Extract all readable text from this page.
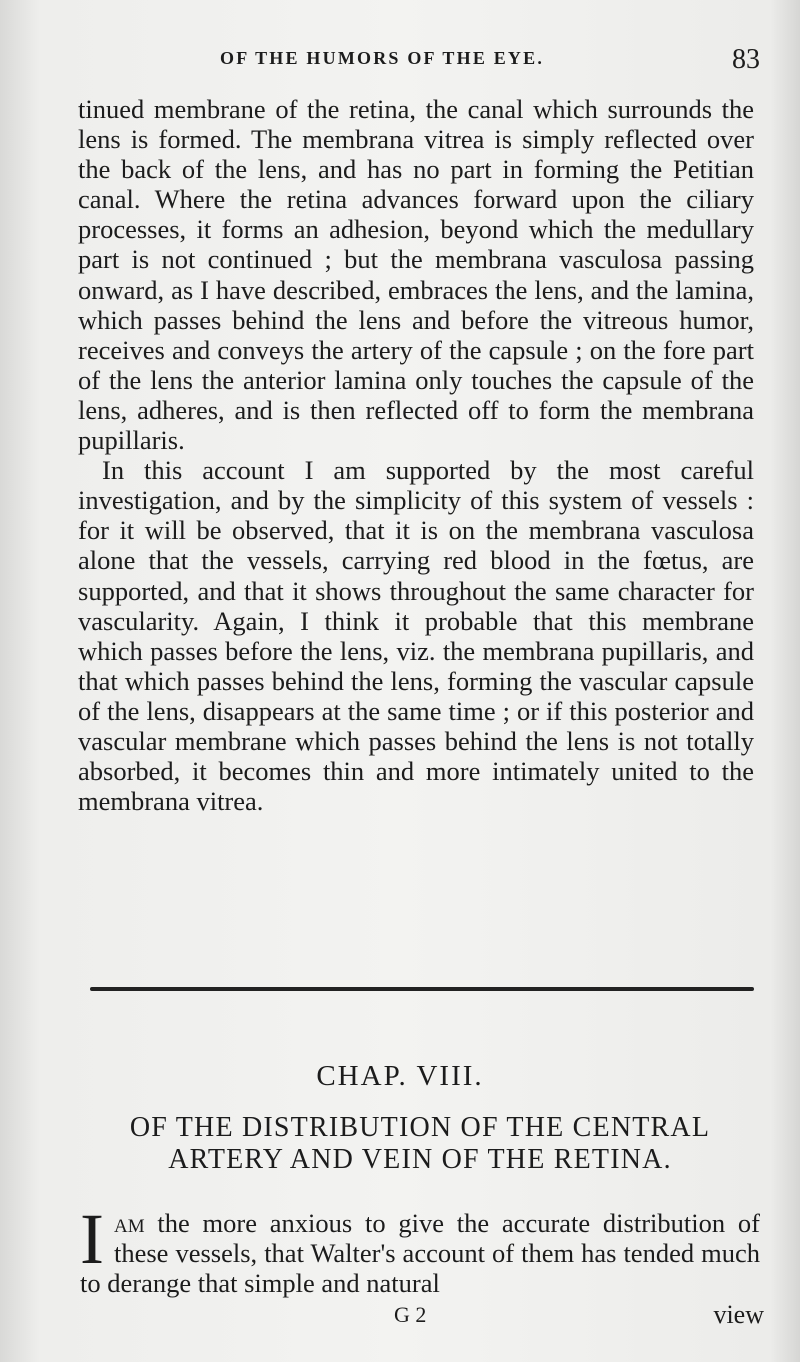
OF THE HUMORS OF THE EYE.	83

tinued membrane of the retina, the canal which surrounds the lens is formed. The membrana vitrea is simply reflected over the back of the lens, and has no part in forming the Petitian canal. Where the retina advances forward upon the ciliary processes, it forms an adhesion, beyond which the medullary part is not continued ; but the membrana vasculosa passing onward, as I have described, embraces the lens, and the lamina, which passes behind the lens and before the vitreous humor, receives and conveys the artery of the capsule ; on the fore part of the lens the anterior lamina only touches the capsule of the lens, adheres, and is then reflected off to form the membrana pupillaris.

In this account I am supported by the most careful investigation, and by the simplicity of this system of vessels : for it will be observed, that it is on the membrana vasculosa alone that the vessels, carrying red blood in the fœtus, are supported, and that it shows throughout the same character for vascularity. Again, I think it probable that this membrane which passes before the lens, viz. the membrana pupillaris, and that which passes behind the lens, forming the vascular capsule of the lens, disappears at the same time ; or if this posterior and vascular membrane which passes behind the lens is not totally absorbed, it becomes thin and more intimately united to the membrana vitrea.

CHAP. VIII.
OF THE DISTRIBUTION OF THE CENTRAL ARTERY AND VEIN OF THE RETINA.
Iam the more anxious to give the accurate distribution of these vessels, that Walter's account of them has tended much to derange that simple and natural
G 2	view
